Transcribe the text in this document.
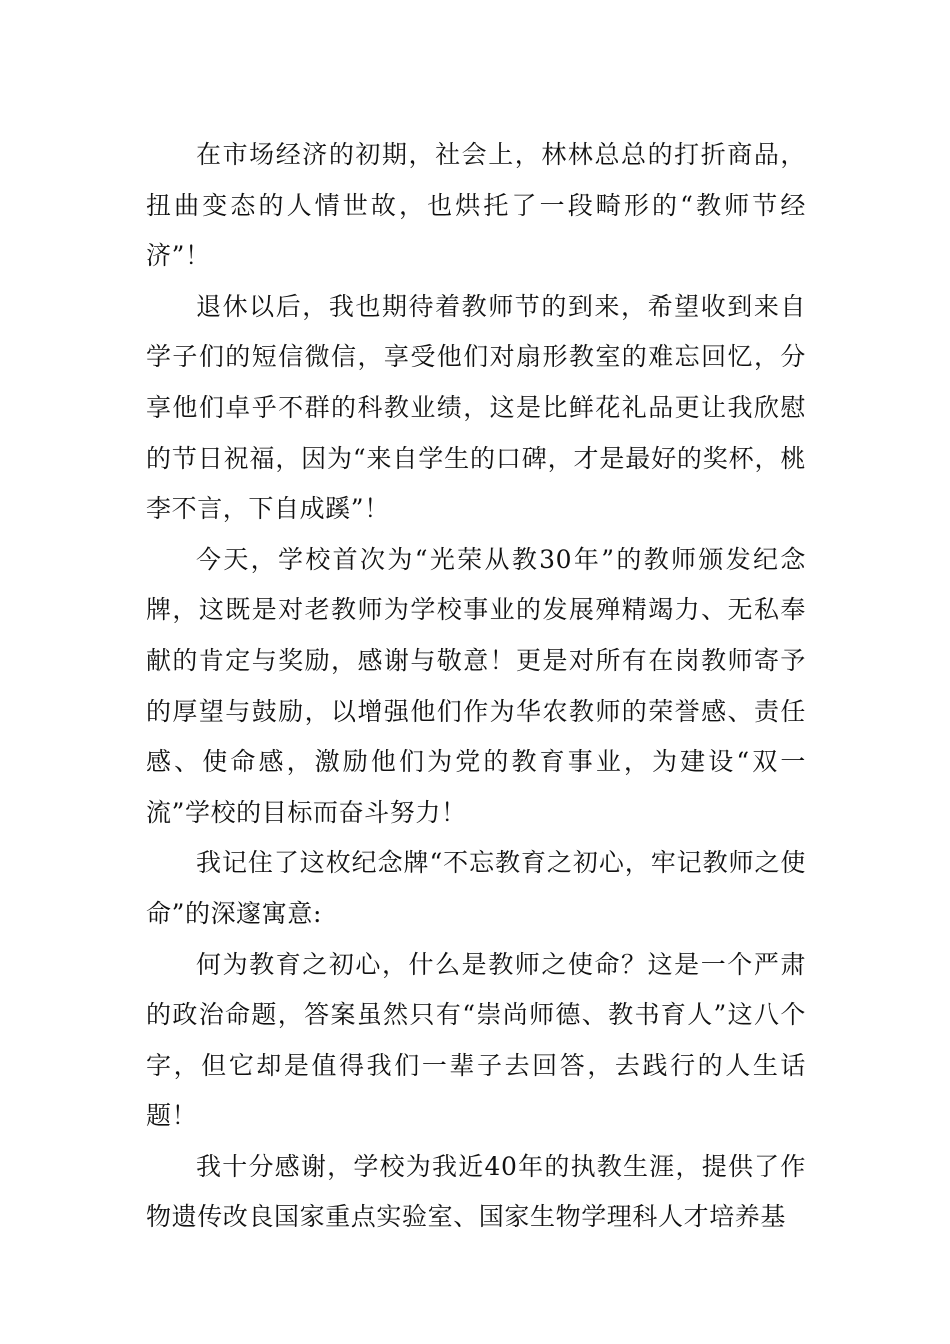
在市场经济的初期，社会上，林林总总的打折商品，扭曲变态的人情世故，也烘托了一段畸形的“教师节经济”！

退休以后，我也期待着教师节的到来，希望收到来自学子们的短信微信，享受他们对扇形教室的难忘回忆，分享他们卓乎不群的科教业绩，这是比鲜花礼品更让我欣慰的节日祝福，因为“来自学生的口碑，才是最好的奖杯，桃李不言，下自成蹊”！

今天，学校首次为“光荣从教30年”的教师颁发纪念牌，这既是对老教师为学校事业的发展殚精竭力、无私奉献的肯定与奖励，感谢与敬意！更是对所有在岗教师寄予的厚望与鼓励，以增强他们作为华农教师的荣誉感、责任感、使命感，激励他们为党的教育事业，为建设“双一流”学校的目标而奋斗努力！

我记住了这枚纪念牌“不忘教育之初心，牢记教师之使命”的深邃寓意:

何为教育之初心，什么是教师之使命？这是一个严肃的政治命题，答案虽然只有“崇尚师德、教书育人”这八个字，但它却是值得我们一辈子去回答，去践行的人生话题！

我十分感谢，学校为我近40年的执教生涯，提供了作物遗传改良国家重点实验室、国家生物学理科人才培养基
